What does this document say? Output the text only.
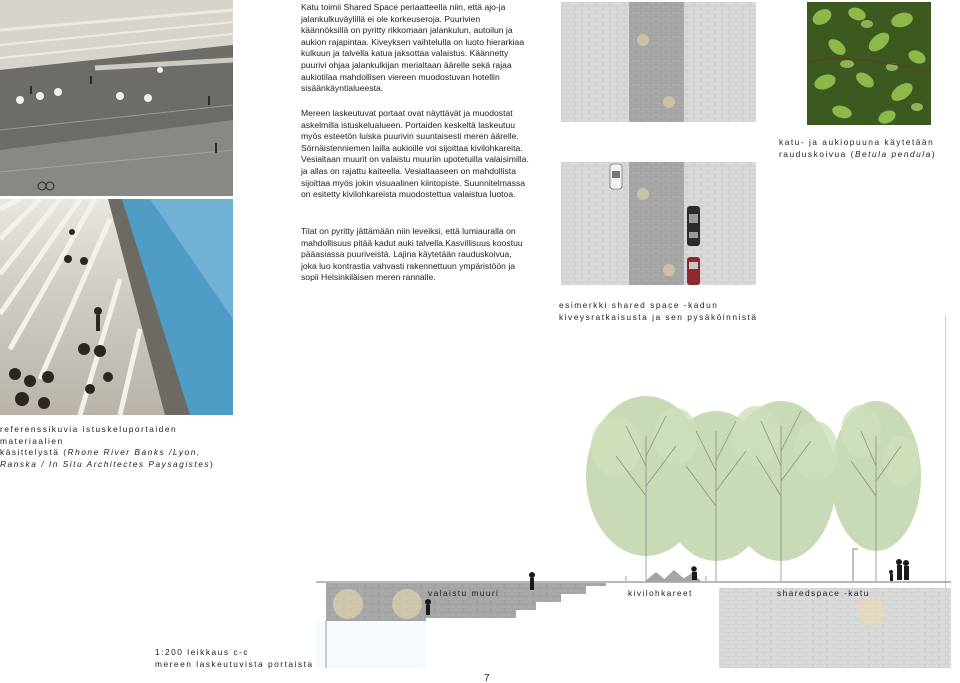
Katu toimii Shared Space periaatteella niin, että ajo-ja jalankulkuväylillä ei ole korkeuseroja. Puurivien käännöksillä on pyritty rikkomaan jalankulun, autoilun ja aukion rajapintaa. Kiveyksen vaihtelulla on luoto hierarkiaa kulkuun ja talvella katua jaksottaa valaistus. Käännetty puurivi ohjaa jalankulkijan merialtaan äärelle sekä rajaa aukiotilaa mahdollisen viereen muodostuvan hotellin sisäänkäyntialueesta.

Mereen laskeutuvat portaat ovat näyttävät ja muodostat askelmilla istuskelualueen. Portaiden keskeltä laskeutuu myös esteetön luiska puurivin suuntaisesti meren äärelle. Sörnäistenniemen lailla aukioille voi sijoittaa kivilohkareita. Vesialtaan muurit on valaistu muuriin upotetuilla valaisimilla. ja allas on rajattu kaiteella. Vesialtaaseen on mahdollista sijoittaa myös jokin visuaalinen kiintopiste. Suunnitelmassa on esitetty kivilohkareista muodostettua valaistua luotoa.

Tilat on pyritty jättämään niin leveiksi, että lumiauralla on mahdollisuus pitää kadut auki talvella.Kasvillisuus koostuu pääasiassa puuriveistä. Lajina käytetään rauduskoivua, joka luo kontrastia vahvasti rakennettuun ympäristöön ja sopii Helsinkiläisen meren rannalle.

katu- ja aukiopuuna käytetään
rauduskoivua (Betula pendula)

esimerkki shared space -kadun
kiveysratkaisusta ja sen pysäköinnistä

referenssikuvia istuskeluportaiden materiaalien
käsittelystä (Rhone River Banks /Lyon, Ranska / In Situ Architectes Paysagistes)

valaistu muuri	kivilohkareet	sharedspace -katu

1:200 leikkaus c-c
mereen laskeutuvista portaista

7
